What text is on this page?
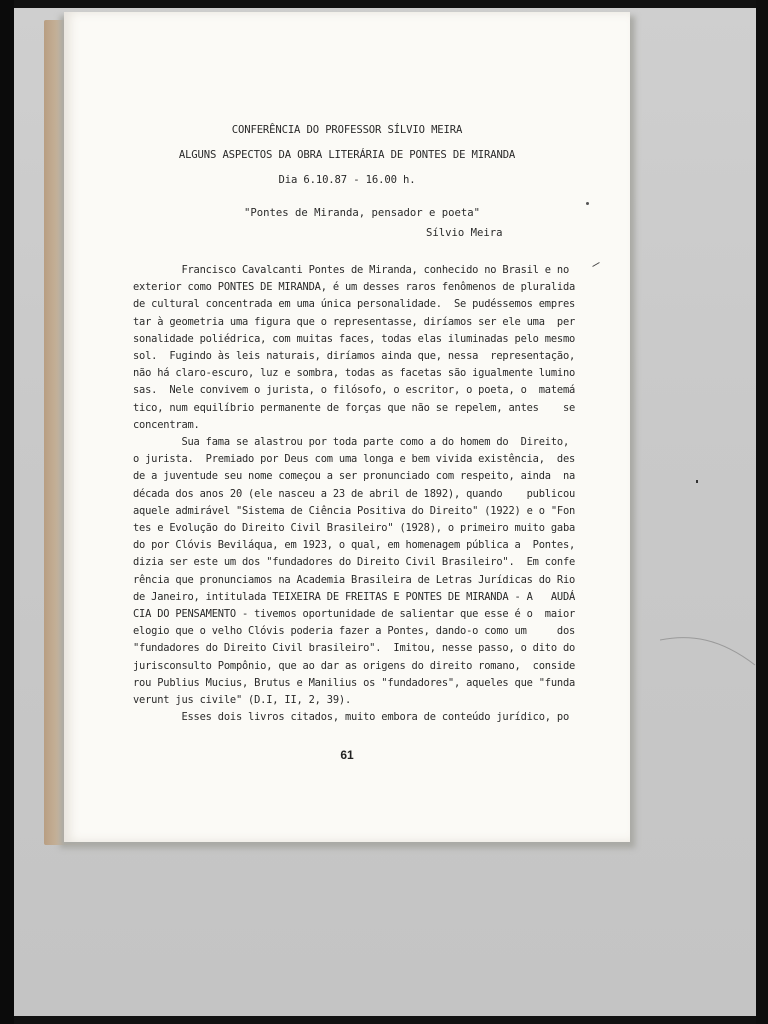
CONFERÊNCIA DO PROFESSOR SÍLVIO MEIRA
ALGUNS ASPECTOS DA OBRA LITERÁRIA DE PONTES DE MIRANDA
Dia 6.10.87 - 16.00 h.
"Pontes de Miranda, pensador e poeta"
Sílvio Meira
Francisco Cavalcanti Pontes de Miranda, conhecido no Brasil e no
exterior como PONTES DE MIRANDA, é um desses raros fenômenos de pluralida
de cultural concentrada em uma única personalidade.  Se pudéssemos empres
tar à geometria uma figura que o representasse, diríamos ser ele uma  per
sonalidade poliédrica, com muitas faces, todas elas iluminadas pelo mesmo
sol.  Fugindo às leis naturais, diríamos ainda que, nessa  representação,
não há claro-escuro, luz e sombra, todas as facetas são igualmente lumino
sas.  Nele convivem o jurista, o filósofo, o escritor, o poeta, o  matemá
tico, num equilíbrio permanente de forças que não se repelem, antes    se
concentram.
Sua fama se alastrou por toda parte como a do homem do  Direito,
o jurista.  Premiado por Deus com uma longa e bem vivida existência,  des
de a juventude seu nome começou a ser pronunciado com respeito, ainda  na
década dos anos 20 (ele nasceu a 23 de abril de 1892), quando    publicou
aquele admirável "Sistema de Ciência Positiva do Direito" (1922) e o "Fon
tes e Evolução do Direito Civil Brasileiro" (1928), o primeiro muito gaba
do por Clóvis Beviláqua, em 1923, o qual, em homenagem pública a  Pontes,
dizia ser este um dos "fundadores do Direito Civil Brasileiro".  Em confe
rência que pronunciamos na Academia Brasileira de Letras Jurídicas do Rio
de Janeiro, intitulada TEIXEIRA DE FREITAS E PONTES DE MIRANDA - A   AUDÁ
CIA DO PENSAMENTO - tivemos oportunidade de salientar que esse é o  maior
elogio que o velho Clóvis poderia fazer a Pontes, dando-o como um     dos
"fundadores do Direito Civil brasileiro".  Imitou, nesse passo, o dito do
jurisconsulto Pompônio, que ao dar as origens do direito romano,  conside
rou Publius Mucius, Brutus e Manilius os "fundadores", aqueles que "funda
verunt jus civile" (D.I, II, 2, 39).
Esses dois livros citados, muito embora de conteúdo jurídico, po
61
